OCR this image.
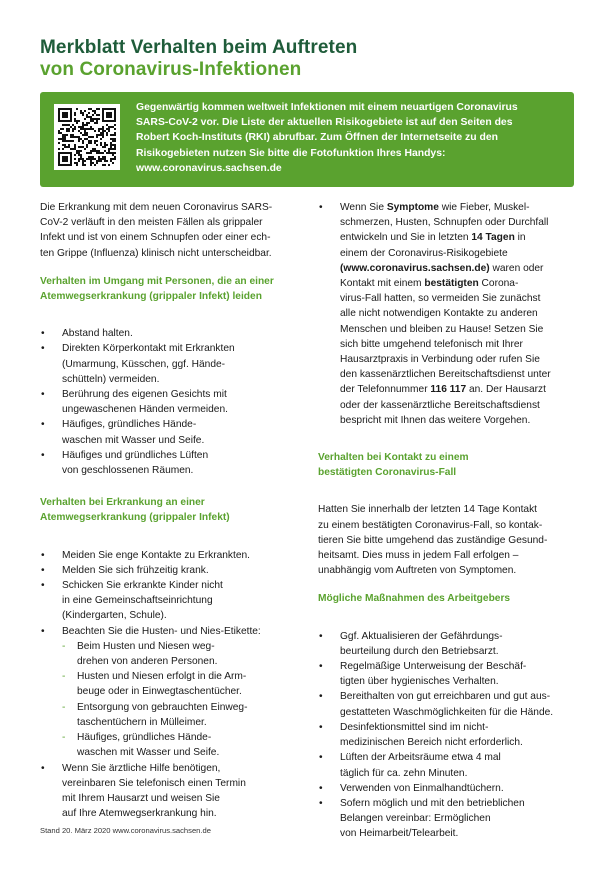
Merkblatt Verhalten beim Auftreten
von Coronavirus-Infektionen

Gegenwärtig kommen weltweit Infektionen mit einem neuartigen Coronavirus
SARS-CoV-2 vor. Die Liste der aktuellen Risikogebiete ist auf den Seiten des
Robert Koch-Instituts (RKI) abrufbar. Zum Öffnen der Internetseite zu den
Risikogebieten nutzen Sie bitte die Fotofunktion Ihres Handys:
www.coronavirus.sachsen.de

Die Erkrankung mit dem neuen Coronavirus SARS-
CoV-2 verläuft in den meisten Fällen als grippaler
Infekt und ist von einem Schnupfen oder einer ech-
ten Grippe (Influenza) klinisch nicht unterscheidbar.

Verhalten im Umgang mit Personen, die an einer
Atemwegserkrankung (grippaler Infekt) leiden

• Abstand halten.
• Direkten Körperkontakt mit Erkrankten
(Umarmung, Küsschen, ggf. Hände-
schütteln) vermeiden.
• Berührung des eigenen Gesichts mit
ungewaschenen Händen vermeiden.
• Häufiges, gründliches Hände-
waschen mit Wasser und Seife.
• Häufiges und gründliches Lüften
von geschlossenen Räumen.

Verhalten bei Erkrankung an einer
Atemwegserkrankung (grippaler Infekt)

• Meiden Sie enge Kontakte zu Erkrankten.
• Melden Sie sich frühzeitig krank.
• Schicken Sie erkrankte Kinder nicht
in eine Gemeinschaftseinrichtung
(Kindergarten, Schule).
• Beachten Sie die Husten- und Nies-Etikette:
- Beim Husten und Niesen weg-
drehen von anderen Personen.
- Husten und Niesen erfolgt in die Arm-
beuge oder in Einwegtaschentücher.
- Entsorgung von gebrauchten Einweg-
taschentüchern in Mülleimer.
- Häufiges, gründliches Hände-
waschen mit Wasser und Seife.
• Wenn Sie ärztliche Hilfe benötigen,
vereinbaren Sie telefonisch einen Termin
mit Ihrem Hausarzt und weisen Sie
auf Ihre Atemwegserkrankung hin.
• Wenn Sie Symptome wie Fieber, Muskel-
schmerzen, Husten, Schnupfen oder Durchfall
entwickeln und Sie in letzten 14 Tagen in
einem der Coronavirus-Risikogebiete
(www.coronavirus.sachsen.de) waren oder
Kontakt mit einem bestätigten Corona-
virus-Fall hatten, so vermeiden Sie zunächst
alle nicht notwendigen Kontakte zu anderen
Menschen und bleiben zu Hause! Setzen Sie
sich bitte umgehend telefonisch mit Ihrer
Hausarztpraxis in Verbindung oder rufen Sie
den kassenärztlichen Bereitschaftsdienst unter
der Telefonnummer 116 117 an. Der Hausarzt
oder der kassenärztliche Bereitschaftsdienst
bespricht mit Ihnen das weitere Vorgehen.

Verhalten bei Kontakt zu einem
bestätigten Coronavirus-Fall

Hatten Sie innerhalb der letzten 14 Tage Kontakt
zu einem bestätigten Coronavirus-Fall, so kontak-
tieren Sie bitte umgehend das zuständige Gesund-
heitsamt. Dies muss in jedem Fall erfolgen –
unabhängig vom Auftreten von Symptomen.

Mögliche Maßnahmen des Arbeitgebers

• Ggf. Aktualisieren der Gefährdungs-
beurteilung durch den Betriebsarzt.
• Regelmäßige Unterweisung der Beschäf-
tigten über hygienisches Verhalten.
• Bereithalten von gut erreichbaren und gut aus-
gestatteten Waschmöglichkeiten für die Hände.
• Desinfektionsmittel sind im nicht-
medizinischen Bereich nicht erforderlich.
• Lüften der Arbeitsräume etwa 4 mal
täglich für ca. zehn Minuten.
• Verwenden von Einmalhandtüchern.
• Sofern möglich und mit den betrieblichen
Belangen vereinbar: Ermöglichen
von Heimarbeit/Telearbeit.
Stand 20. März 2020 www.coronavirus.sachsen.de
